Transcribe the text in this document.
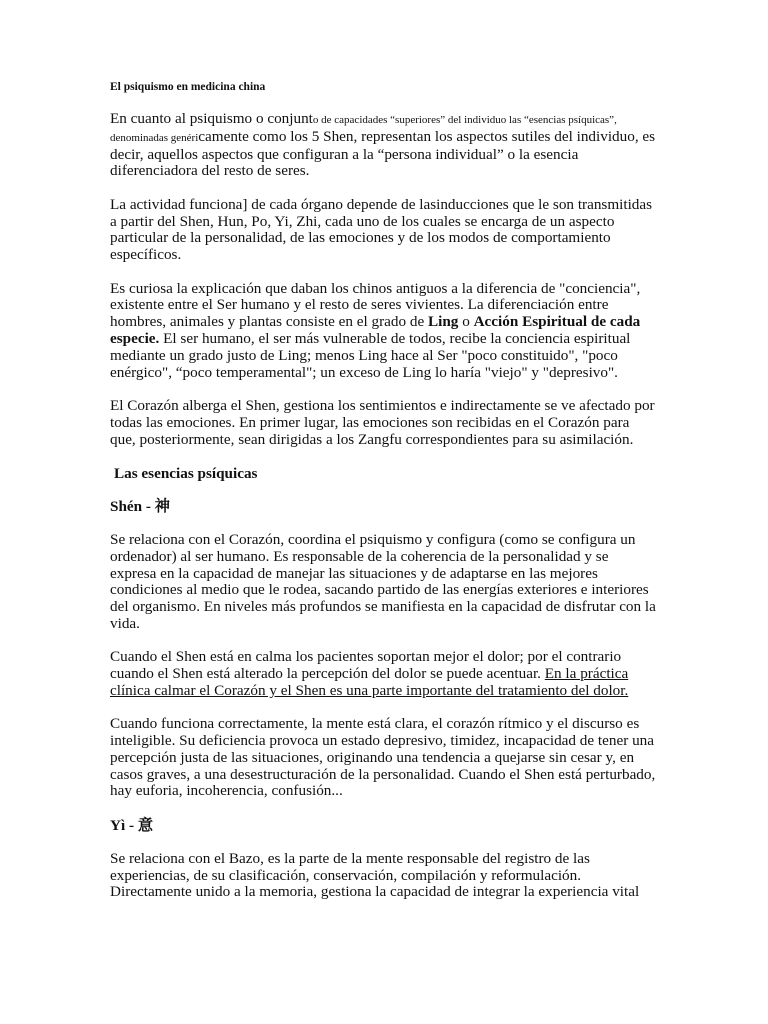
El psiquismo en medicina china

En cuanto al psiquismo o conjunto de capacidades “superiores” del individuo las “esencias psíquicas”, denominadas genéricamente como los 5 Shen, representan los aspectos sutiles del individuo, es decir, aquellos aspectos que configuran a la “persona individual” o la esencia diferenciadora del resto de seres.

La actividad funciona] de cada órgano depende de lasinducciones que le son transmitidas a partir del Shen, Hun, Po, Yi, Zhi, cada uno de los cuales se encarga de un aspecto particular de la personalidad, de las emociones y de los modos de comportamiento específicos.

Es curiosa la explicación que daban los chinos antiguos a la diferencia de "conciencia", existente entre el Ser humano y el resto de seres vivientes. La diferenciación entre hombres, animales y plantas consiste en el grado de Ling o Acción Espiritual de cada especie. El ser humano, el ser más vulnerable de todos, recibe la conciencia espiritual mediante un grado justo de Ling; menos Ling hace al Ser "poco constituido", "poco enérgico", “poco temperamental"; un exceso de Ling lo haría "viejo" y "depresivo".

El Corazón alberga el Shen, gestiona los sentimientos e indirectamente se ve afectado por todas las emociones. En primer lugar, las emociones son recibidas en el Corazón para que, posteriormente, sean dirigidas a los Zangfu correspondientes para su asimilación.

Las esencias psíquicas
Shén - 神

Se relaciona con el Corazón, coordina el psiquismo y configura (como se configura un ordenador) al ser humano. Es responsable de la coherencia de la personalidad y se expresa en la capacidad de manejar las situaciones y de adaptarse en las mejores condiciones al medio que le rodea, sacando partido de las energías exteriores e interiores del organismo. En niveles más profundos se manifiesta en la capacidad de disfrutar con la vida.

Cuando el Shen está en calma los pacientes soportan mejor el dolor; por el contrario cuando el Shen está alterado la percepción del dolor se puede acentuar. En la práctica clínica calmar el Corazón y el Shen es una parte importante del tratamiento del dolor.

Cuando funciona correctamente, la mente está clara, el corazón rítmico y el discurso es inteligible. Su deficiencia provoca un estado depresivo, timidez, incapacidad de tener una percepción justa de las situaciones, originando una tendencia a quejarse sin cesar y, en casos graves, a una desestructuración de la personalidad. Cuando el Shen está perturbado, hay euforia, incoherencia, confusión...

Yì - 意

Se relaciona con el Bazo, es la parte de la mente responsable del registro de las experiencias, de su clasificación, conservación, compilación y reformulación. Directamente unido a la memoria, gestiona la capacidad de integrar la experiencia vital
